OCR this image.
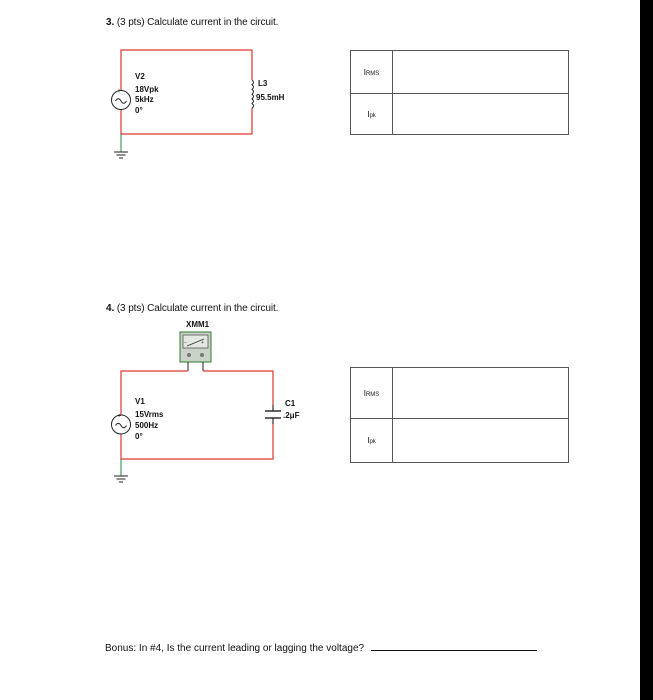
3. (3 pts) Calculate current in the circuit.
+
V2
18Vpk
5kHz
0°
L3
95.5mH
−	+
XMM1
+
V1
15Vrms
500Hz
0°
C1
.2μF
IRMS	
Ipk	
4. (3 pts) Calculate current in the circuit.
IRMS	
Ipk	
Bonus: In #4, Is the current leading or lagging the voltage?
